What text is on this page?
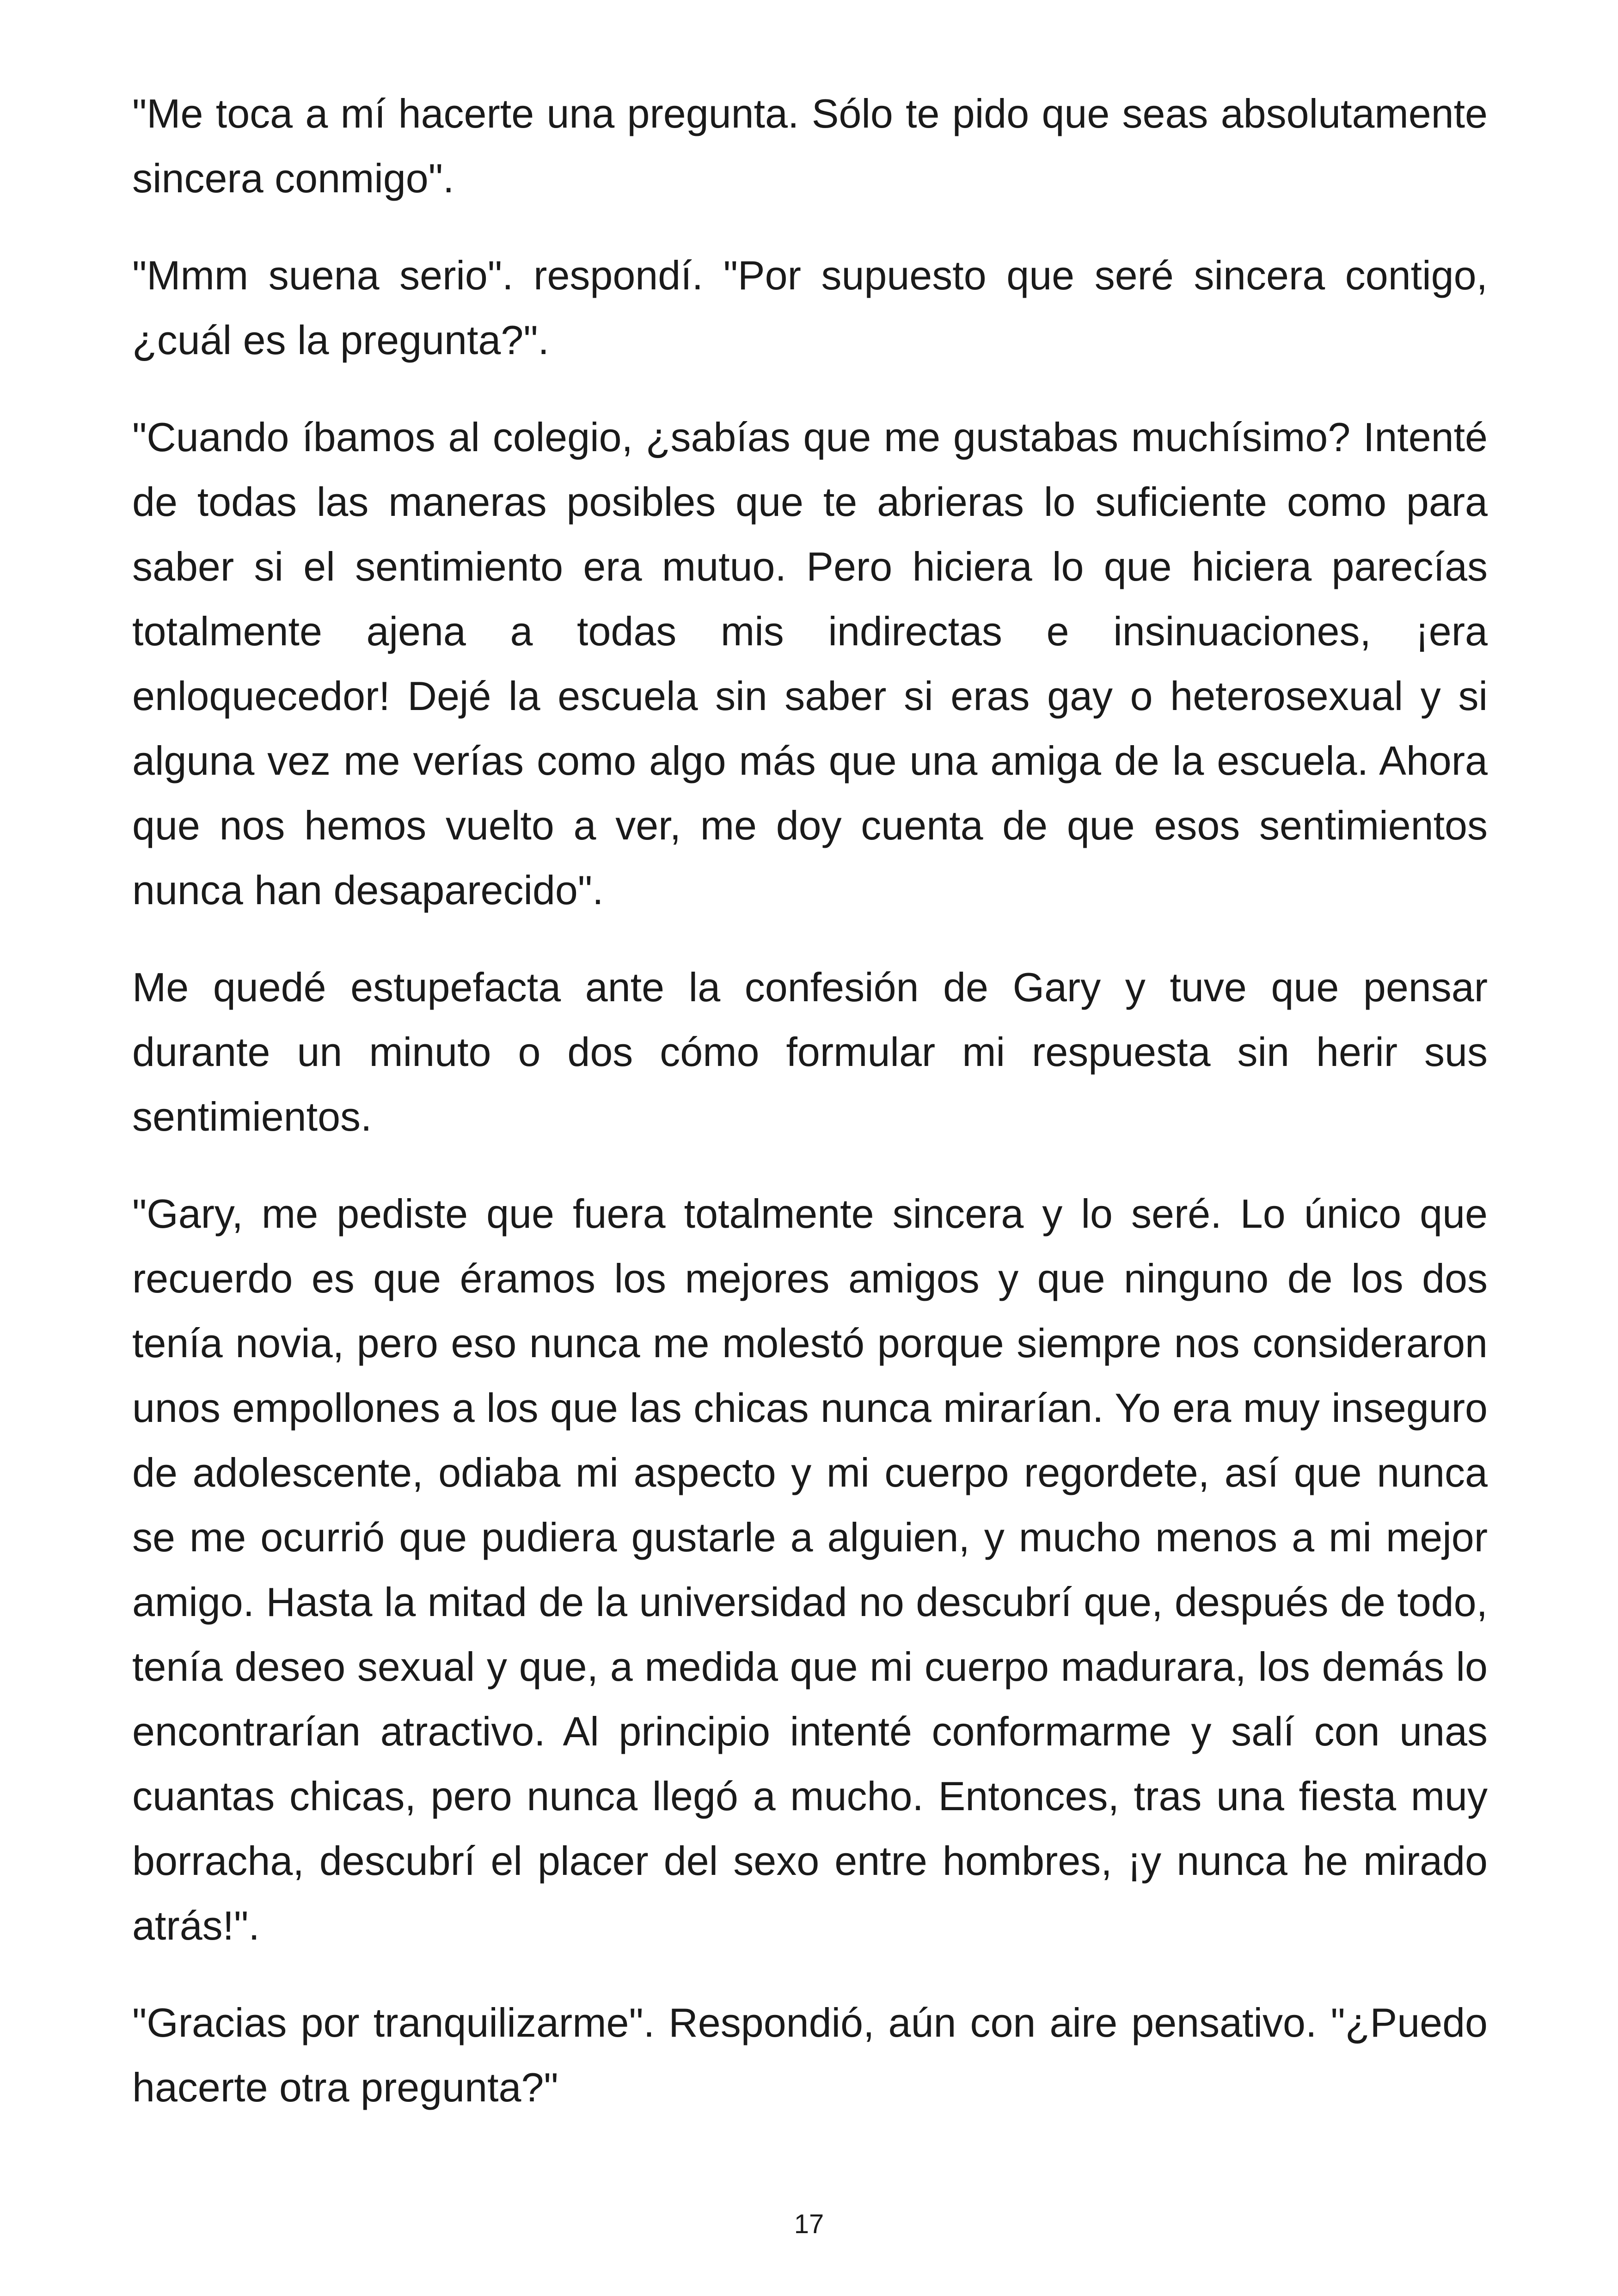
"Me toca a mí hacerte una pregunta. Sólo te pido que seas absolutamente sincera conmigo".

"Mmm suena serio". respondí. "Por supuesto que seré sincera contigo, ¿cuál es la pregunta?".

"Cuando íbamos al colegio, ¿sabías que me gustabas muchísimo? Intenté de todas las maneras posibles que te abrieras lo suficiente como para saber si el sentimiento era mutuo. Pero hiciera lo que hiciera parecías totalmente ajena a todas mis indirectas e insinuaciones, ¡era enloquecedor! Dejé la escuela sin saber si eras gay o heterosexual y si alguna vez me verías como algo más que una amiga de la escuela. Ahora que nos hemos vuelto a ver, me doy cuenta de que esos sentimientos nunca han desaparecido".

Me quedé estupefacta ante la confesión de Gary y tuve que pensar durante un minuto o dos cómo formular mi respuesta sin herir sus sentimientos.

"Gary, me pediste que fuera totalmente sincera y lo seré. Lo único que recuerdo es que éramos los mejores amigos y que ninguno de los dos tenía novia, pero eso nunca me molestó porque siempre nos consideraron unos empollones a los que las chicas nunca mirarían. Yo era muy inseguro de adolescente, odiaba mi aspecto y mi cuerpo regordete, así que nunca se me ocurrió que pudiera gustarle a alguien, y mucho menos a mi mejor amigo. Hasta la mitad de la universidad no descubrí que, después de todo, tenía deseo sexual y que, a medida que mi cuerpo madurara, los demás lo encontrarían atractivo. Al principio intenté conformarme y salí con unas cuantas chicas, pero nunca llegó a mucho. Entonces, tras una fiesta muy borracha, descubrí el placer del sexo entre hombres, ¡y nunca he mirado atrás!".

"Gracias por tranquilizarme". Respondió, aún con aire pensativo. "¿Puedo hacerte otra pregunta?"

17
